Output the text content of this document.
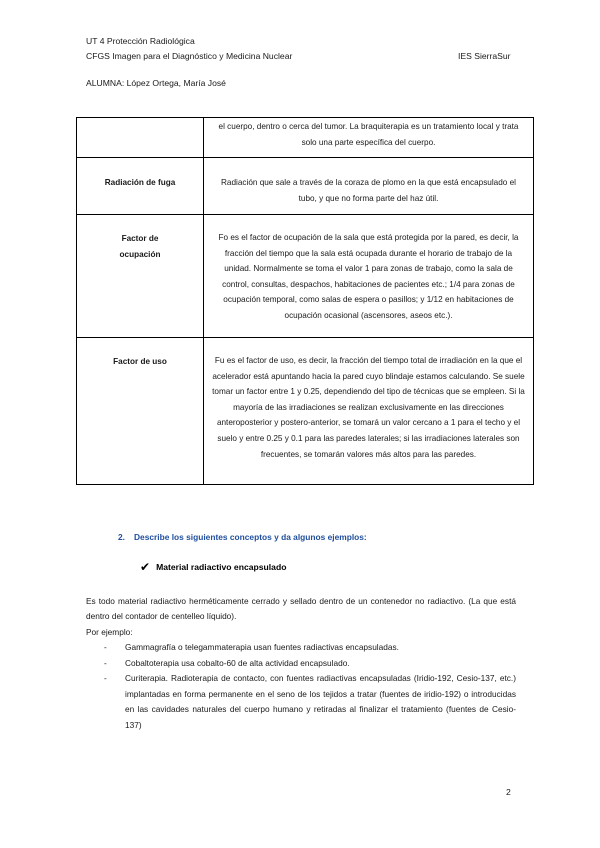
UT 4 Protección Radiológica
CFGS Imagen para el Diagnóstico y Medicina Nuclear	IES SierraSur
ALUMNA: López Ortega, María José

	el cuerpo, dentro o cerca del tumor. La braquiterapia es un tratamiento local y trata solo una parte específica del cuerpo.

Radiación de fuga	Radiación que sale a través de la coraza de plomo en la que está encapsulado el tubo, y que no forma parte del haz útil.

Factor de ocupación	Fo es el factor de ocupación de la sala que está protegida por la pared, es decir, la fracción del tiempo que la sala está ocupada durante el horario de trabajo de la unidad. Normalmente se toma el valor 1 para zonas de trabajo, como la sala de control, consultas, despachos, habitaciones de pacientes etc.; 1/4 para zonas de ocupación temporal, como salas de espera o pasillos; y 1/12 en habitaciones de ocupación ocasional (ascensores, aseos etc.).

Factor de uso	Fu es el factor de uso, es decir, la fracción del tiempo total de irradiación en la que el acelerador está apuntando hacia la pared cuyo blindaje estamos calculando. Se suele tomar un factor entre 1 y 0.25, dependiendo del tipo de técnicas que se empleen. Si la mayoría de las irradiaciones se realizan exclusivamente en las direcciones anteroposterior y postero-anterior, se tomará un valor cercano a 1 para el techo y el suelo y entre 0.25 y 0.1 para las paredes laterales; si las irradiaciones laterales son frecuentes, se tomarán valores más altos para las paredes.
2. Describe los siguientes conceptos y da algunos ejemplos:
✔ Material radiactivo encapsulado
Es todo material radiactivo herméticamente cerrado y sellado dentro de un contenedor no radiactivo. (La que está dentro del contador de centelleo líquido).
Por ejemplo:
- Gammagrafía o telegammaterapia usan fuentes radiactivas encapsuladas.
- Cobaltoterapia usa cobalto-60 de alta actividad encapsulado.
- Curiterapia. Radioterapia de contacto, con fuentes radiactivas encapsuladas (Iridio-192, Cesio-137, etc.) implantadas en forma permanente en el seno de los tejidos a tratar (fuentes de iridio-192) o introducidas en las cavidades naturales del cuerpo humano y retiradas al finalizar el tratamiento (fuentes de Cesio-137)
2
